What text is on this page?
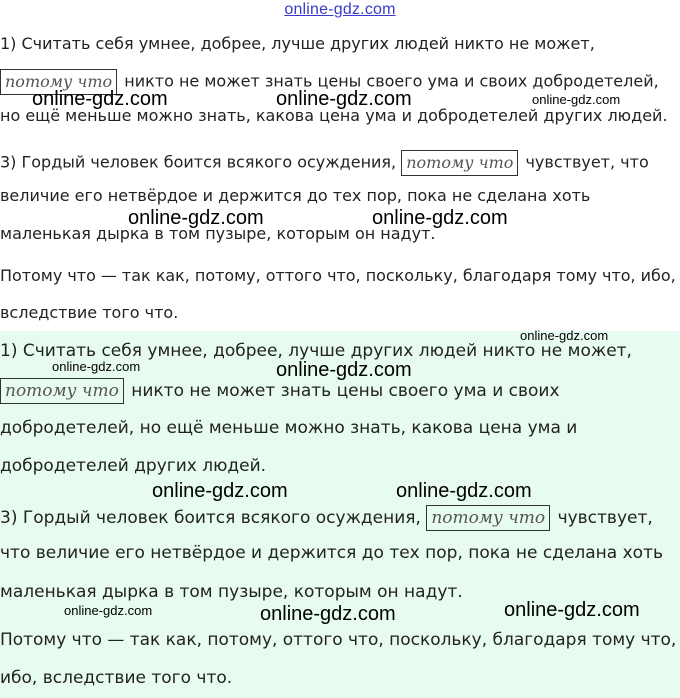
online-gdz.com
1) Считать себя умнее, добрее, лучше других людей никто не может,
потому что никто не может знать цены своего ума и своих добродетелей,
но ещё меньше можно знать, какова цена ума и добродетелей других людей.
3) Гордый человек боится всякого осуждения, потому что чувствует, что
величие его нетвёрдое и держится до тех пор, пока не сделана хоть
маленькая дырка в том пузыре, которым он надут.
Потому что — так как, потому, оттого что, поскольку, благодаря тому что, ибо,
вследствие того что.
1) Считать себя умнее, добрее, лучше других людей никто не может,
потому что никто не может знать цены своего ума и своих
добродетелей, но ещё меньше можно знать, какова цена ума и
добродетелей других людей.
3) Гордый человек боится всякого осуждения, потому что чувствует,
что величие его нетвёрдое и держится до тех пор, пока не сделана хоть
маленькая дырка в том пузыре, которым он надут.
Потому что — так как, потому, оттого что, поскольку, благодаря тому что,
ибо, вследствие того что.
online-gdz.com	online-gdz.com	online-gdz.com
online-gdz.com	online-gdz.com
online-gdz.com
online-gdz.com	online-gdz.com
online-gdz.com	online-gdz.com
online-gdz.com	online-gdz.com	online-gdz.com
